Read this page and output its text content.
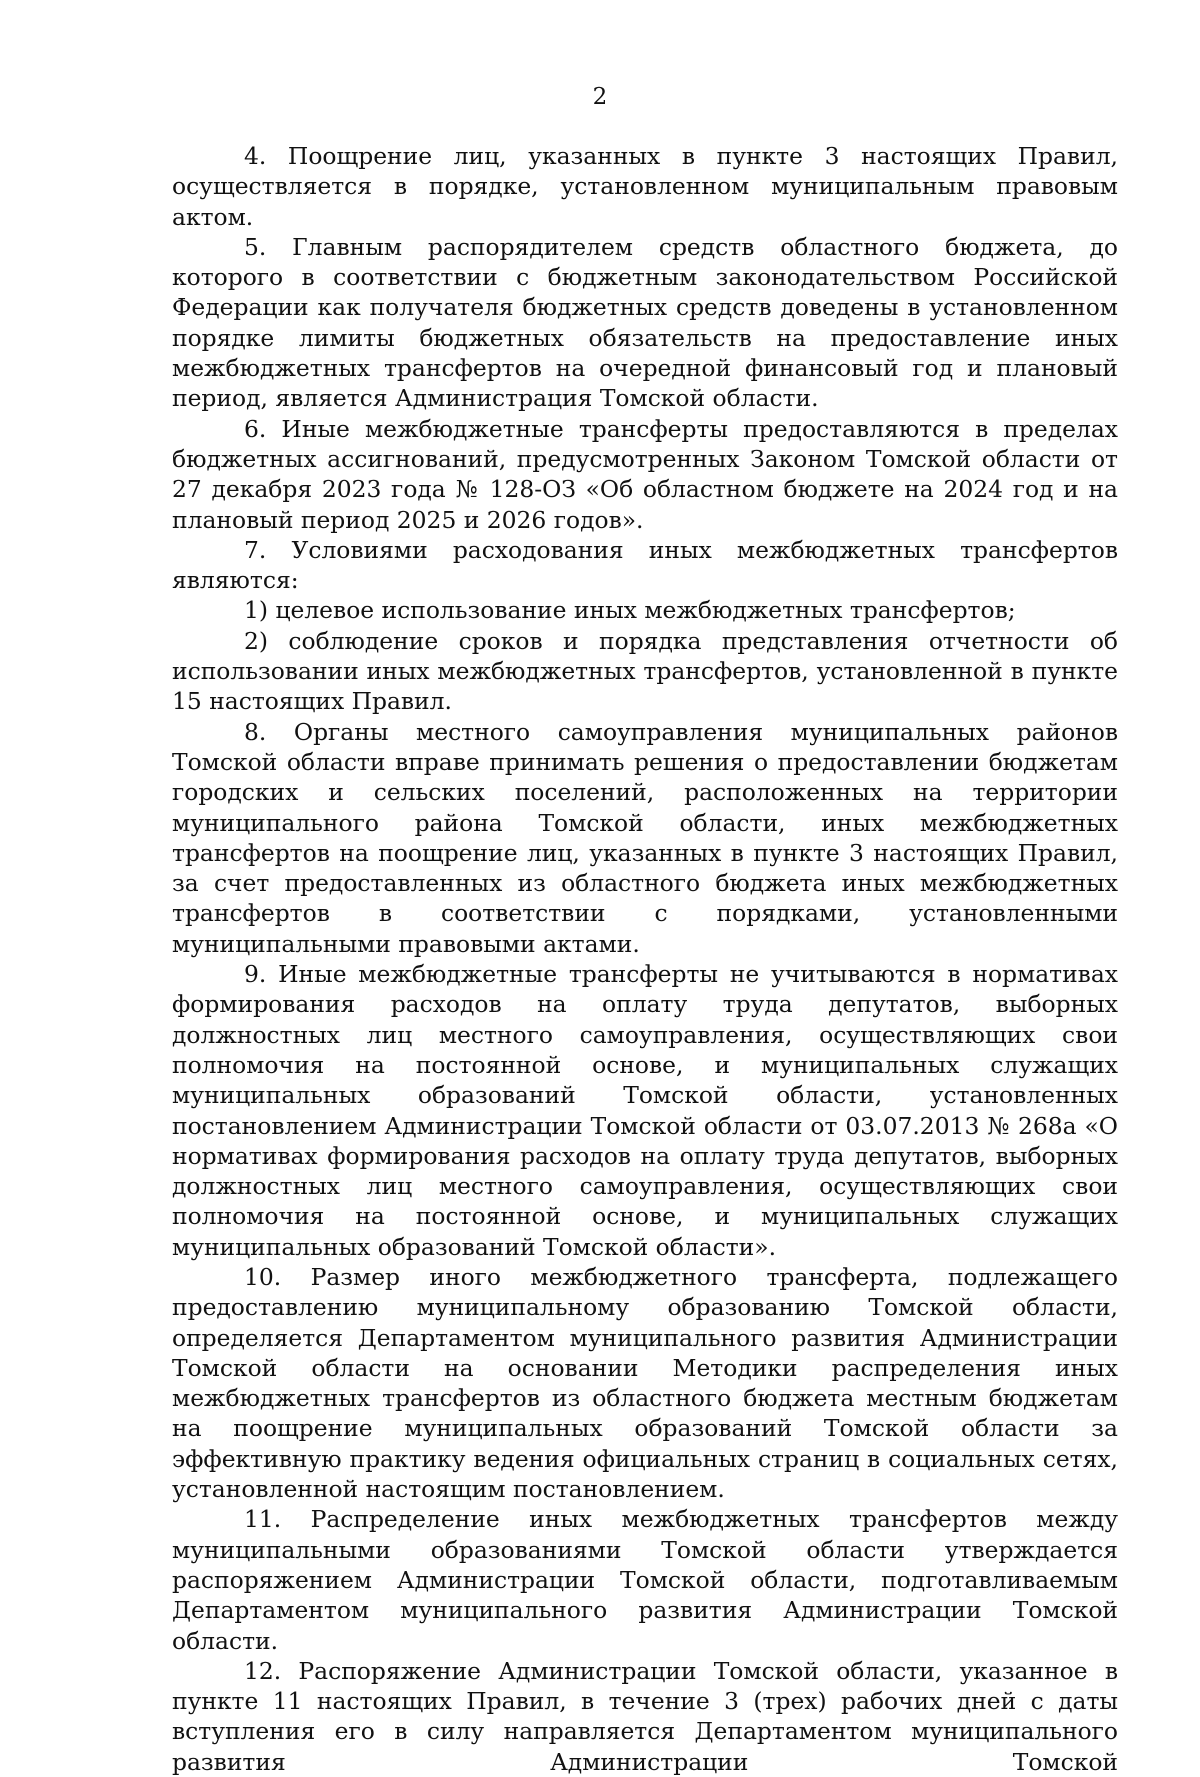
2

4. Поощрение лиц, указанных в пункте 3 настоящих Правил, осуществляется в порядке, установленном муниципальным правовым актом.

5. Главным распорядителем средств областного бюджета, до которого в соответствии с бюджетным законодательством Российской Федерации как получателя бюджетных средств доведены в установленном порядке лимиты бюджетных обязательств на предоставление иных межбюджетных трансфертов на очередной финансовый год и плановый период, является Администрация Томской области.

6. Иные межбюджетные трансферты предоставляются в пределах бюджетных ассигнований, предусмотренных Законом Томской области от 27 декабря 2023 года № 128-ОЗ «Об областном бюджете на 2024 год и на плановый период 2025 и 2026 годов».

7. Условиями расходования иных межбюджетных трансфертов являются:

1) целевое использование иных межбюджетных трансфертов;

2) соблюдение сроков и порядка представления отчетности об использовании иных межбюджетных трансфертов, установленной в пункте 15 настоящих Правил.

8. Органы местного самоуправления муниципальных районов Томской области вправе принимать решения о предоставлении бюджетам городских и сельских поселений, расположенных на территории муниципального района Томской области, иных межбюджетных трансфертов на поощрение лиц, указанных в пункте 3 настоящих Правил, за счет предоставленных из областного бюджета иных межбюджетных трансфертов в соответствии с порядками, установленными муниципальными правовыми актами.

9. Иные межбюджетные трансферты не учитываются в нормативах формирования расходов на оплату труда депутатов, выборных должностных лиц местного самоуправления, осуществляющих свои полномочия на постоянной основе, и муниципальных служащих муниципальных образований Томской области, установленных постановлением Администрации Томской области от 03.07.2013 № 268а «О нормативах формирования расходов на оплату труда депутатов, выборных должностных лиц местного самоуправления, осуществляющих свои полномочия на постоянной основе, и муниципальных служащих муниципальных образований Томской области».

10. Размер иного межбюджетного трансферта, подлежащего предоставлению муниципальному образованию Томской области, определяется Департаментом муниципального развития Администрации Томской области на основании Методики распределения иных межбюджетных трансфертов из областного бюджета местным бюджетам на поощрение муниципальных образований Томской области за эффективную практику ведения официальных страниц в социальных сетях, установленной настоящим постановлением.

11. Распределение иных межбюджетных трансфертов между муниципальными образованиями Томской области утверждается распоряжением Администрации Томской области, подготавливаемым Департаментом муниципального развития Администрации Томской области.

12. Распоряжение Администрации Томской области, указанное в пункте 11 настоящих Правил, в течение 3 (трех) рабочих дней с даты вступления его в силу направляется Департаментом муниципального развития Администрации Томской
